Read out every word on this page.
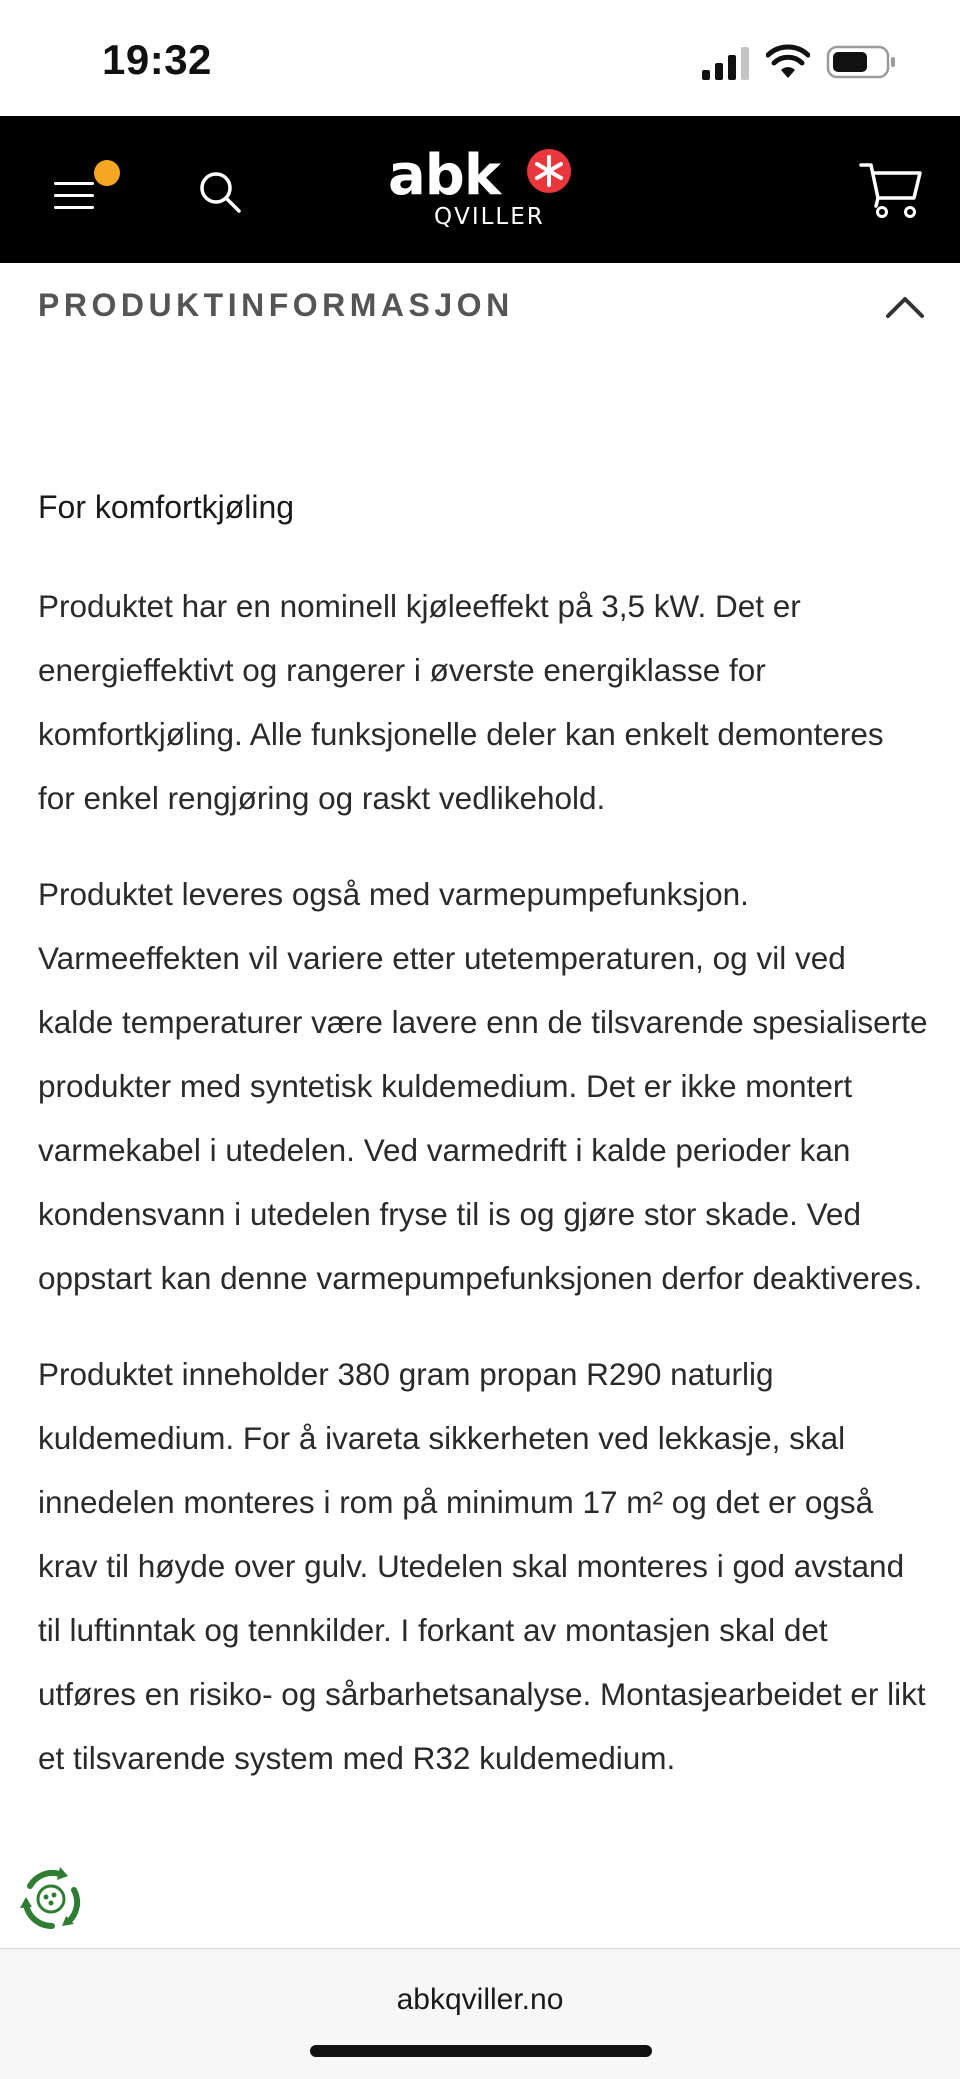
19:32
abk
QVILLER
PRODUKTINFORMASJON
For komfortkjøling

Produktet har en nominell kjøleeffekt på 3,5 kW. Det er energieffektivt og rangerer i øverste energiklasse for komfortkjøling. Alle funksjonelle deler kan enkelt demonteres for enkel rengjøring og raskt vedlikehold.

Produktet leveres også med varmepumpefunksjon. Varmeeffekten vil variere etter utetemperaturen, og vil ved kalde temperaturer være lavere enn de tilsvarende spesialiserte produkter med syntetisk kuldemedium. Det er ikke montert varmekabel i utedelen. Ved varmedrift i kalde perioder kan kondensvann i utedelen fryse til is og gjøre stor skade. Ved oppstart kan denne varmepumpefunksjonen derfor deaktiveres.

Produktet inneholder 380 gram propan R290 naturlig kuldemedium. For å ivareta sikkerheten ved lekkasje, skal innedelen monteres i rom på minimum 17 m² og det er også krav til høyde over gulv. Utedelen skal monteres i god avstand til luftinntak og tennkilder. I forkant av montasjen skal det utføres en risiko- og sårbarhetsanalyse. Montasjearbeidet er likt et tilsvarende system med R32 kuldemedium.

abkqviller.no
